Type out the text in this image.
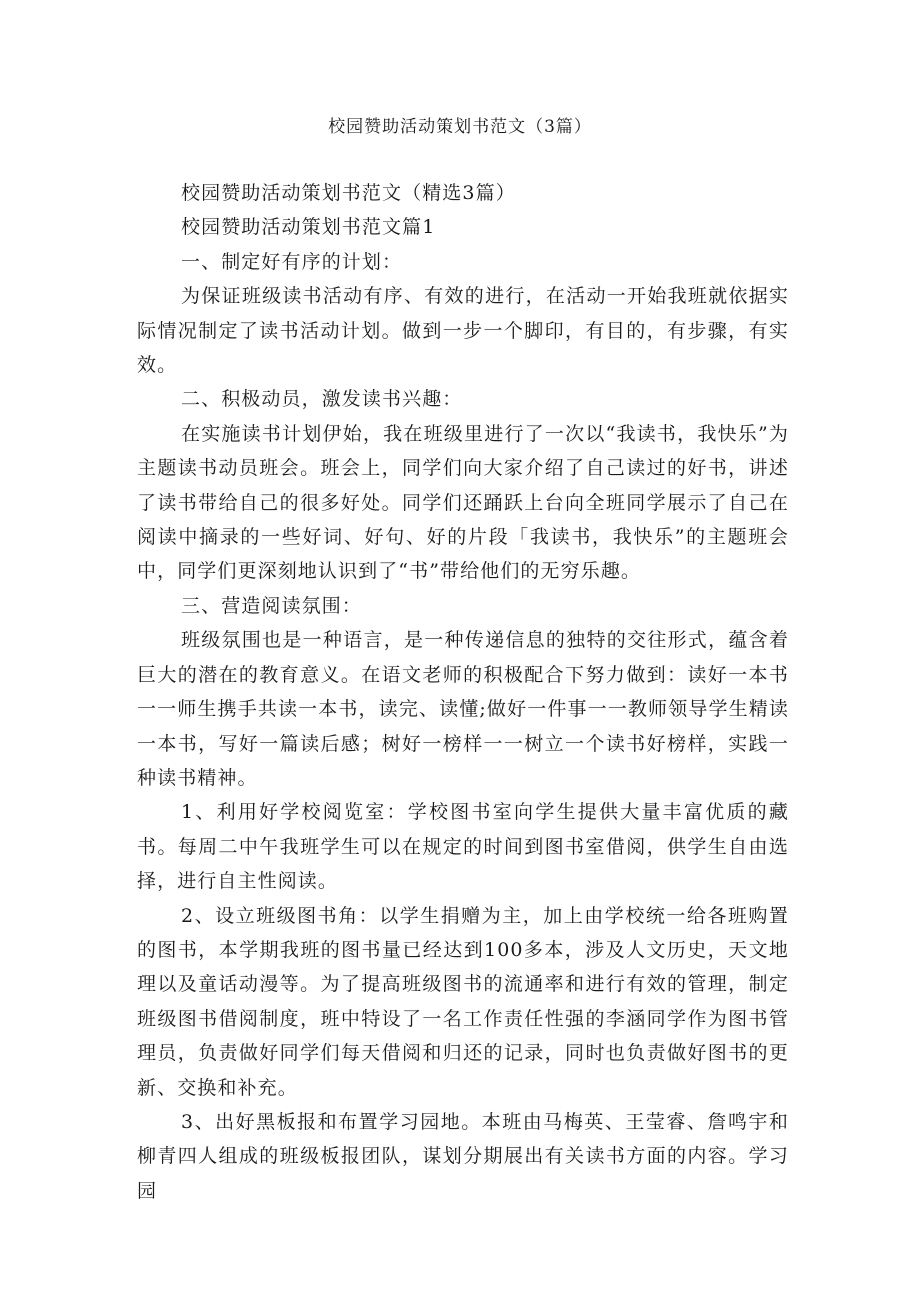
校园赞助活动策划书范文（3篇）

校园赞助活动策划书范文（精选3篇）

校园赞助活动策划书范文篇1

一、制定好有序的计划：

为保证班级读书活动有序、有效的进行，在活动一开始我班就依据实际情况制定了读书活动计划。做到一步一个脚印，有目的，有步骤，有实效。

二、积极动员，激发读书兴趣：

在实施读书计划伊始，我在班级里进行了一次以“我读书，我快乐”为主题读书动员班会。班会上，同学们向大家介绍了自己读过的好书，讲述了读书带给自己的很多好处。同学们还踊跃上台向全班同学展示了自己在阅读中摘录的一些好词、好句、好的片段「我读书，我快乐”的主题班会中，同学们更深刻地认识到了“书”带给他们的无穷乐趣。

三、营造阅读氛围：

班级氛围也是一种语言，是一种传递信息的独特的交往形式，蕴含着巨大的潜在的教育意义。在语文老师的积极配合下努力做到：读好一本书一一师生携手共读一本书，读完、读懂;做好一件事一一教师领导学生精读一本书，写好一篇读后感；树好一榜样一一树立一个读书好榜样，实践一种读书精神。

1、利用好学校阅览室：学校图书室向学生提供大量丰富优质的藏书。每周二中午我班学生可以在规定的时间到图书室借阅，供学生自由选择，进行自主性阅读。

2、设立班级图书角：以学生捐赠为主，加上由学校统一给各班购置的图书，本学期我班的图书量已经达到100多本，涉及人文历史，天文地理以及童话动漫等。为了提高班级图书的流通率和进行有效的管理，制定班级图书借阅制度，班中特设了一名工作责任性强的李涵同学作为图书管理员，负责做好同学们每天借阅和归还的记录，同时也负责做好图书的更新、交换和补充。

3、出好黑板报和布置学习园地。本班由马梅英、王莹睿、詹鸣宇和柳青四人组成的班级板报团队，谋划分期展出有关读书方面的内容。学习园
